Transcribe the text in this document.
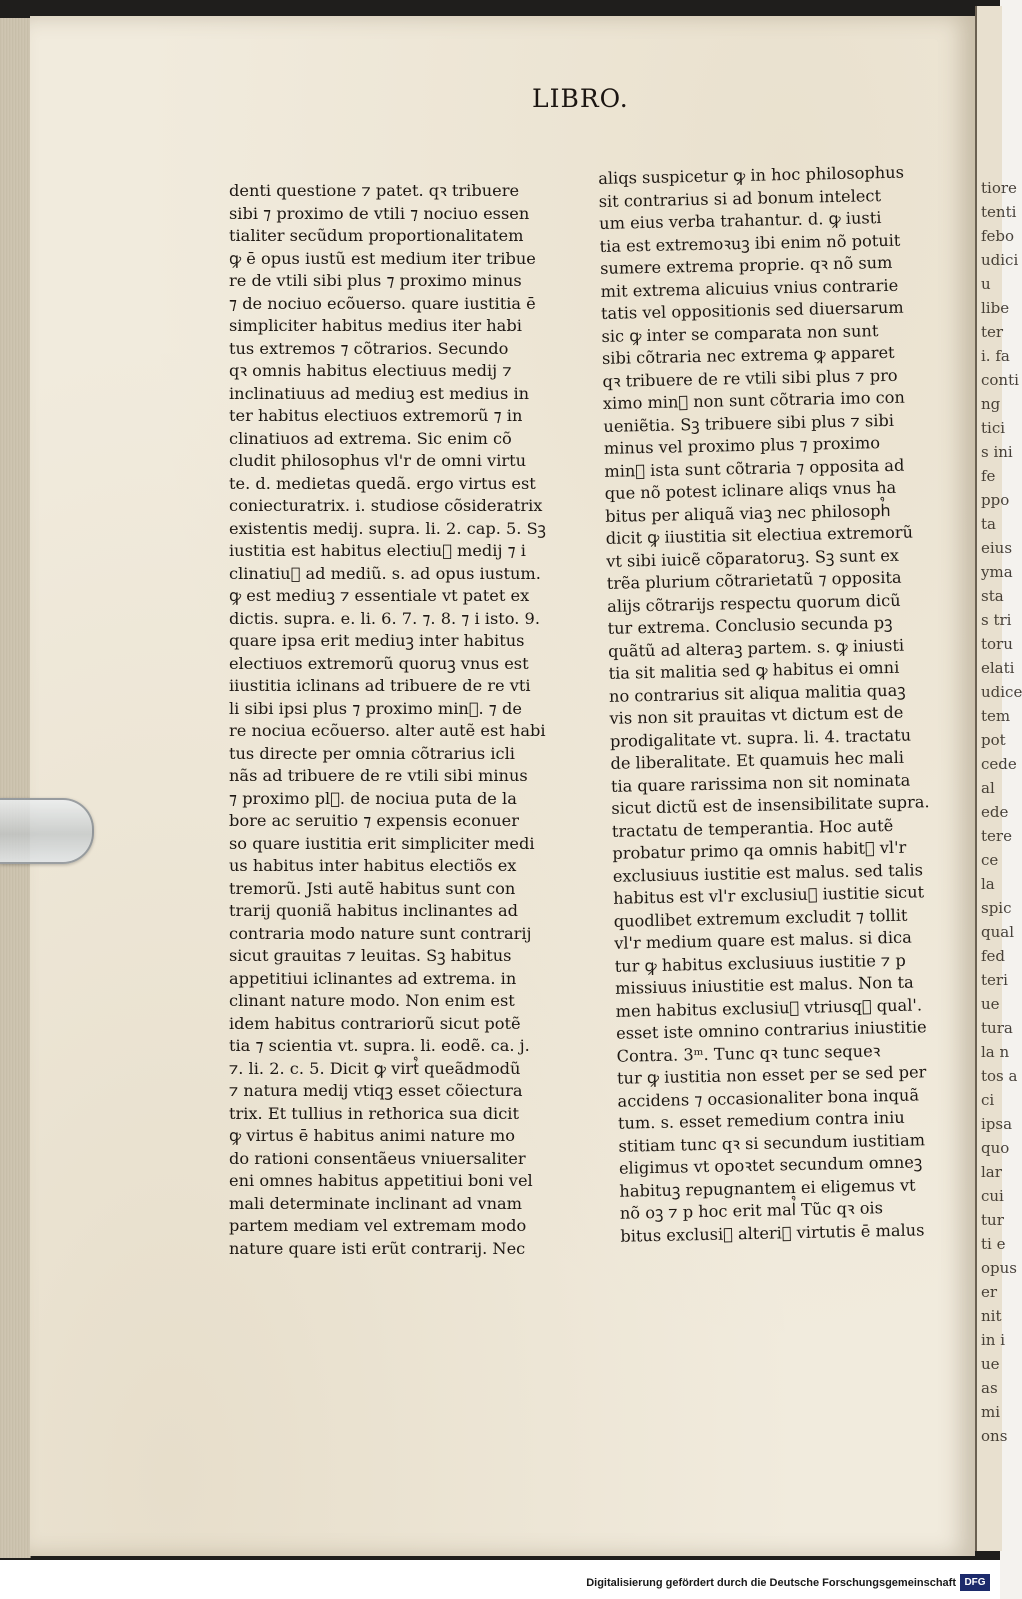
tiore
tenti
febo
udici
u
libe
ter
i. fa
conti
ng
tici
s ini
fe
ppo
ta
eius
yma
sta
s tri
toru
elati
udice
tem
pot
cede
al
ede
tere
ce
la
spic
qual
fed
teri
ue
tura
la n
tos a
ci
ipsa
quo
lar
cui
tur
ti e
opus
er
nit
in i
ue
as
mi
ons
LIBRO.
denti questione ⁊ patet. qꝛ tribuere
sibi ⁊ proximo de vtili ⁊ nociuo essen
tialiter secũdum proportionalitatem
ꝙ ē opus iustũ est medium iter tribue
re de vtili sibi plus ⁊ proximo minus
⁊ de nociuo ecõuerso. quare iustitia ē
simpliciter habitus medius iter habi
tus extremos ⁊ cõtrarios. Secundo
qꝛ omnis habitus electiuus medij ⁊
inclinatiuus ad mediuꝫ est medius in
ter habitus electiuos extremorũ ⁊ in
clinatiuos ad extrema. Sic enim cõ
cludit philosophus vl'r de omni virtu
te. d. medietas quedã. ergo virtus est
coniecturatrix. i. studiose cõsideratrix
existentis medij. supra. li. 2. cap. 5. Sꝫ
iustitia est habitus electiu᷒ medij ⁊ i
clinatiu᷒ ad mediũ. s. ad opus iustum.
ꝙ est mediuꝫ ⁊ essentiale vt patet ex
dictis. supra. e. li. 6. 7. ⁊. 8. ⁊ i isto. 9.
quare ipsa erit mediuꝫ inter habitus
electiuos extremorũ quoruꝫ vnus est
iiustitia iclinans ad tribuere de re vti
li sibi ipsi plus ⁊ proximo min᷒. ⁊ de
re nociua ecõuerso. alter autẽ est habi
tus directe per omnia cõtrarius icli
nãs ad tribuere de re vtili sibi minus
⁊ proximo pl᷒. de nociua puta de la
bore ac seruitio ⁊ expensis econuer
so quare iustitia erit simpliciter medi
us habitus inter habitus electiõs ex
tremorũ. Jsti autẽ habitus sunt con
trarij quoniã habitus inclinantes ad
contraria modo nature sunt contrarij
sicut grauitas ⁊ leuitas. Sꝫ habitus
appetitiui iclinantes ad extrema. in
clinant nature modo. Non enim est
idem habitus contrariorũ sicut potẽ
tia ⁊ scientia vt. supra. li. eodẽ. ca. j.
⁊. li. 2. c. 5. Dicit ꝙ virt᷒ queãdmodũ
⁊ natura medij vtiqꝫ esset cõiectura
trix. Et tullius in rethorica sua dicit
ꝙ virtus ē habitus animi nature mo
do rationi consentãeus vniuersaliter
eni omnes habitus appetitiui boni vel
mali determinate inclinant ad vnam
partem mediam vel extremam modo
nature quare isti erũt contrarij. Nec
aliqs suspicetur ꝙ in hoc philosophus
sit contrarius si ad bonum intelect
um eius verba trahantur. d. ꝙ iusti
tia est extremoꝛuꝫ ibi enim nõ potuit
sumere extrema proprie. qꝛ nõ sum
mit extrema alicuius vnius contrarie
tatis vel oppositionis sed diuersarum
sic ꝙ inter se comparata non sunt
sibi cõtraria nec extrema ꝙ apparet
qꝛ tribuere de re vtili sibi plus ⁊ pro
ximo min᷒ non sunt cõtraria imo con
ueniẽtia. Sꝫ tribuere sibi plus ⁊ sibi
minus vel proximo plus ⁊ proximo
min᷒ ista sunt cõtraria ⁊ opposita ad
que nõ potest iclinare aliqs vnus ha
bitus per aliquã viaꝫ nec philosoph᷒
dicit ꝙ iiustitia sit electiua extremorũ
vt sibi iuicẽ cõparatoruꝫ. Sꝫ sunt ex
trẽa plurium cõtrarietatũ ⁊ opposita
alijs cõtrarijs respectu quorum dicũ
tur extrema. Conclusio secunda pꝫ
quãtũ ad alteraꝫ partem. s. ꝙ iniusti
tia sit malitia sed ꝙ habitus ei omni
no contrarius sit aliqua malitia quaꝫ
vis non sit prauitas vt dictum est de
prodigalitate vt. supra. li. 4. tractatu
de liberalitate. Et quamuis hec mali
tia quare rarissima non sit nominata
sicut dictũ est de insensibilitate supra.
tractatu de temperantia. Hoc autẽ
probatur primo qa omnis habit᷒ vl'r
exclusiuus iustitie est malus. sed talis
habitus est vl'r exclusiu᷒ iustitie sicut
quodlibet extremum excludit ⁊ tollit
vl'r medium quare est malus. si dica
tur ꝙ habitus exclusiuus iustitie ⁊ p
missiuus iniustitie est malus. Non ta
men habitus exclusiu᷒ vtriusqꝫ qual'.
esset iste omnino contrarius iniustitie
Contra. 3ᵐ. Tunc qꝛ tunc sequeꝛ
tur ꝙ iustitia non esset per se sed per
accidens ⁊ occasionaliter bona inquã
tum. s. esset remedium contra iniu
stitiam tunc qꝛ si secundum iustitiam
eligimus vt opoꝛtet secundum omneꝫ
habituꝫ repugnantem ei eligemus vt
nõ oꝫ ⁊ p hoc erit mal᷒ Tũc qꝛ ois
bitus exclusi᷒ alteri᷒ virtutis ē malus
Digitalisierung gefördert durch die Deutsche Forschungsgemeinschaft DFG
